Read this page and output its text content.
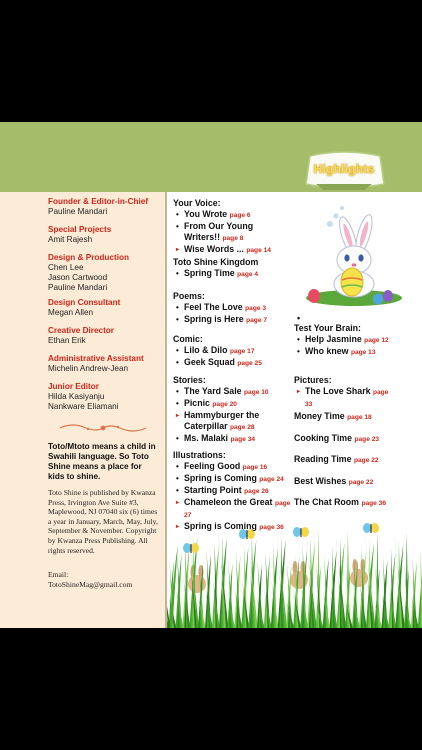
Highlights
Toto/Mtoto means a child in Swahili language. So Toto Shine means a place for kids to shine.
Toto Shine is published by Kwanza Press, Irvington Ave Suite #3, Maplewood, NJ 07040 six (6) times a year in January, March, May, July, September & November. Copyright by Kwanza Press Publishing. All rights reserved.
Email:
TotoShineMag@gmail.com
Founder & Editor-in-Chief
Pauline Mandari
Special Projects
Amit Rajesh
Design & Production
Chen Lee
Jason Cartwood
Pauline Mandari
Design Consultant
Megan Allen
Creative Director
Ethan Erik
Administrative Assistant
Michelin Andrew-Jean
Junior Editor
Hilda Kasiyanju
Nankware Eliamani
Your Voice:
• You Wrote page 6
• From Our Young Writers!! page 8
▸ Wise Words ... page 14
Toto Shine Kingdom
• Spring Time page 4
Poems:
• Feel The Love page 3
• Spring is Here page 7
Comic:
• Lilo & Dilo page 17
• Geek Squad page 25
Stories:
• The Yard Sale page 10
• Picnic page 20
▸ Hammyburger the Caterpillar page 28
• Ms. Malaki page 34
Illustrations:
• Feeling Good page 16
• Spring is Coming page 24
• Starting Point page 26
▸ Chameleon the Great page 27
▸ Spring is Coming page 36
•
Test Your Brain:
• Help Jasmine page 12
• Who knew page 13
Pictures:
▸ The Love Shark page 33
Money Time page 18
Cooking Time page 23
Reading Time page 22
Best Wishes page 22
The Chat Room page 36
